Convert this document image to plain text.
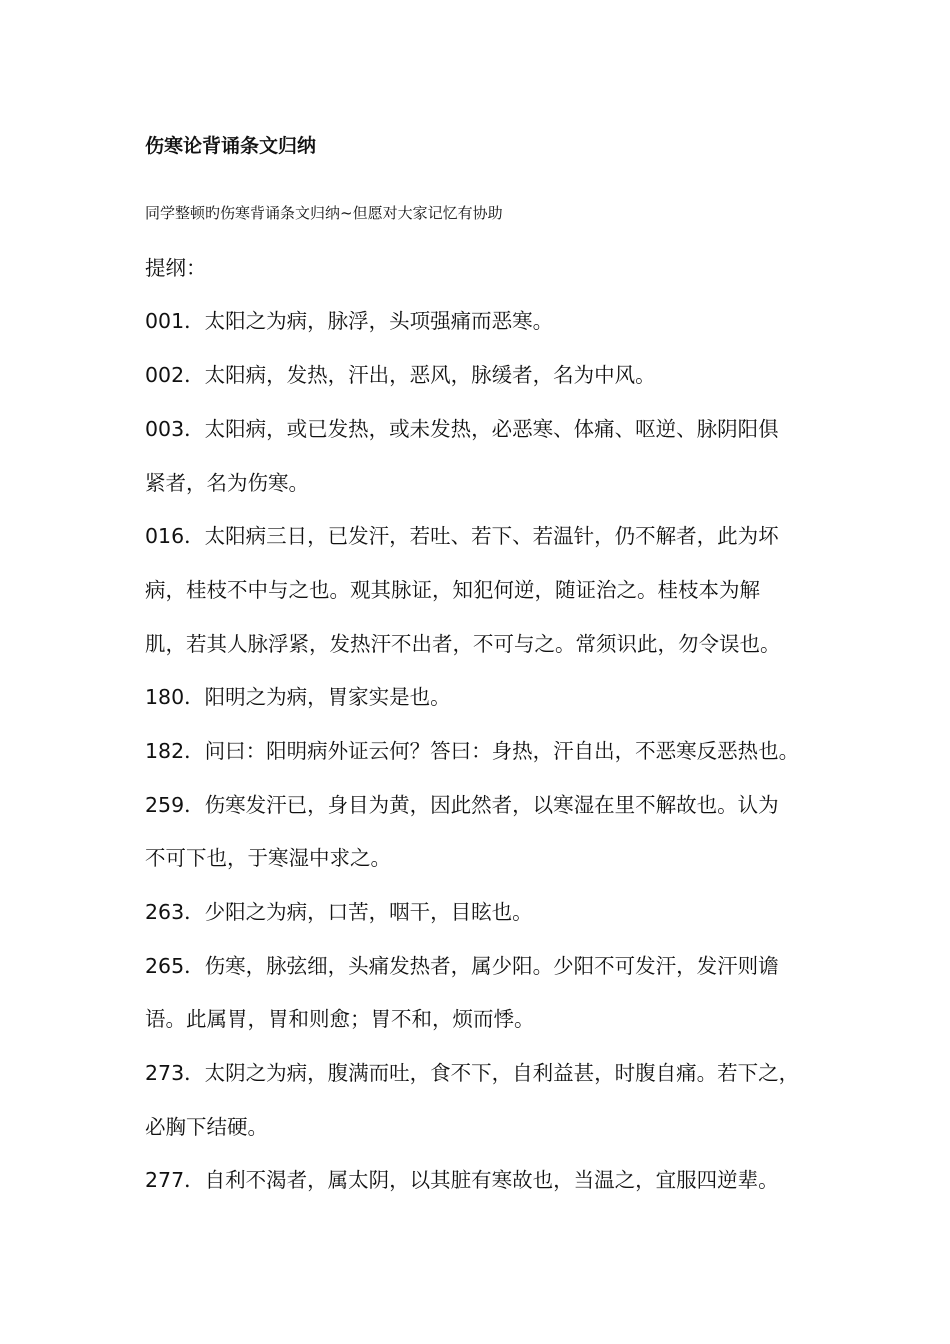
伤寒论背诵条文归纳
同学整顿旳伤寒背诵条文归纳~但愿对大家记忆有协助
提纲：
001．太阳之为病，脉浮，头项强痛而恶寒。
002．太阳病，发热，汗出，恶风，脉缓者，名为中风。
003．太阳病，或已发热，或未发热，必恶寒、体痛、呕逆、脉阴阳俱
紧者，名为伤寒。
016．太阳病三日，已发汗，若吐、若下、若温针，仍不解者，此为坏
病，桂枝不中与之也。观其脉证，知犯何逆，随证治之。桂枝本为解
肌，若其人脉浮紧，发热汗不出者，不可与之。常须识此，勿令误也。
180．阳明之为病，胃家实是也。
182．问曰：阳明病外证云何？答曰：身热，汗自出，不恶寒反恶热也。
259．伤寒发汗已，身目为黄，因此然者，以寒湿在里不解故也。认为
不可下也，于寒湿中求之。
263．少阳之为病，口苦，咽干，目眩也。
265．伤寒，脉弦细，头痛发热者，属少阳。少阳不可发汗，发汗则谵
语。此属胃，胃和则愈；胃不和，烦而悸。
273．太阴之为病，腹满而吐，食不下，自利益甚，时腹自痛。若下之，
必胸下结硬。
277．自利不渴者，属太阴，以其脏有寒故也，当温之，宜服四逆辈。
